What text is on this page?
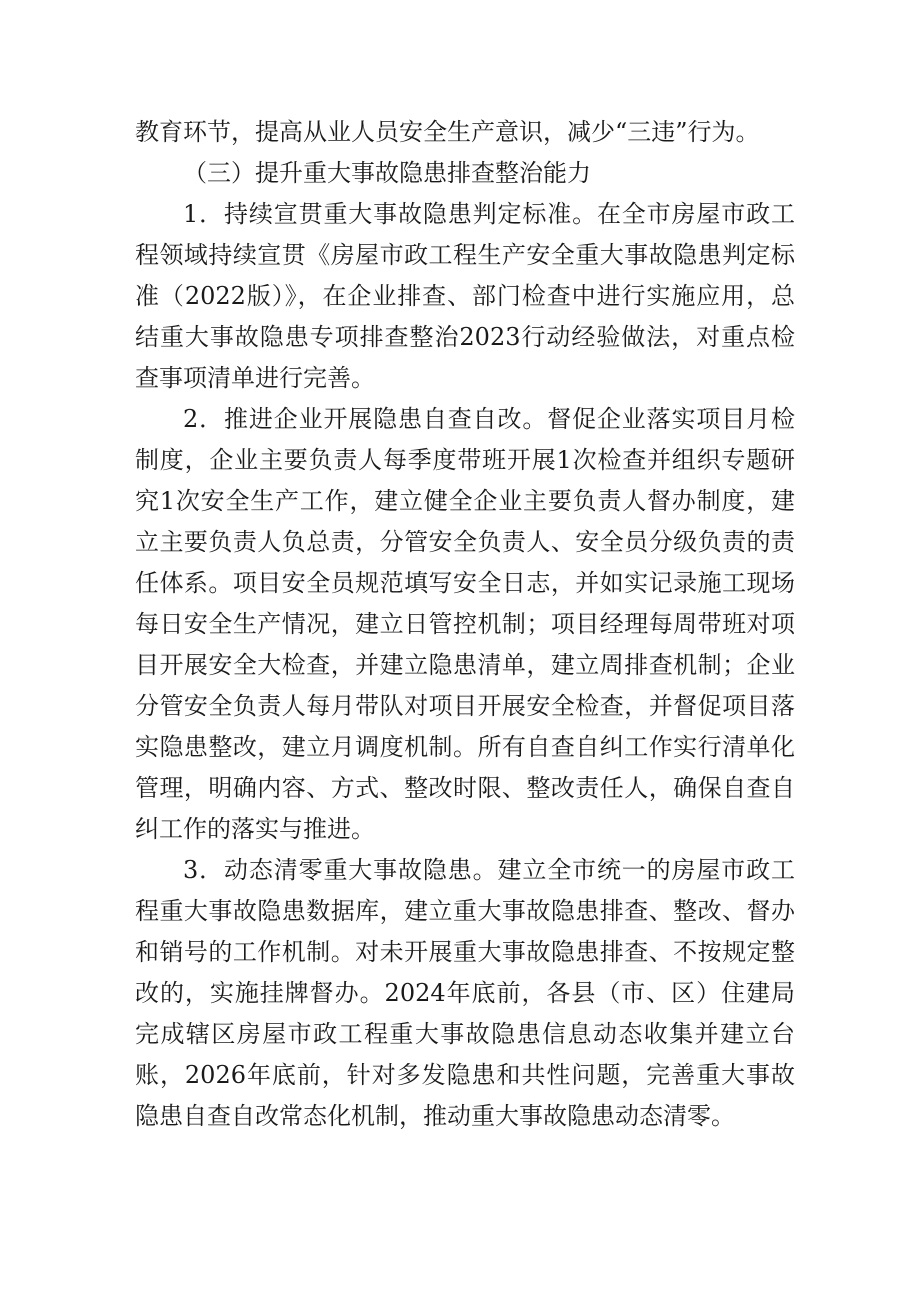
教育环节，提高从业人员安全生产意识，减少“三违”行为。

（三）提升重大事故隐患排查整治能力

1．持续宣贯重大事故隐患判定标准。在全市房屋市政工程领域持续宣贯《房屋市政工程生产安全重大事故隐患判定标准（2022版）》，在企业排查、部门检查中进行实施应用，总结重大事故隐患专项排查整治2023行动经验做法，对重点检查事项清单进行完善。

2．推进企业开展隐患自查自改。督促企业落实项目月检制度，企业主要负责人每季度带班开展1次检查并组织专题研究1次安全生产工作，建立健全企业主要负责人督办制度，建立主要负责人负总责，分管安全负责人、安全员分级负责的责任体系。项目安全员规范填写安全日志，并如实记录施工现场每日安全生产情况，建立日管控机制；项目经理每周带班对项目开展安全大检查，并建立隐患清单，建立周排查机制；企业分管安全负责人每月带队对项目开展安全检查，并督促项目落实隐患整改，建立月调度机制。所有自查自纠工作实行清单化管理，明确内容、方式、整改时限、整改责任人，确保自查自纠工作的落实与推进。

3．动态清零重大事故隐患。建立全市统一的房屋市政工程重大事故隐患数据库，建立重大事故隐患排查、整改、督办和销号的工作机制。对未开展重大事故隐患排查、不按规定整改的，实施挂牌督办。2024年底前，各县（市、区）住建局完成辖区房屋市政工程重大事故隐患信息动态收集并建立台账，2026年底前，针对多发隐患和共性问题，完善重大事故隐患自查自改常态化机制，推动重大事故隐患动态清零。
